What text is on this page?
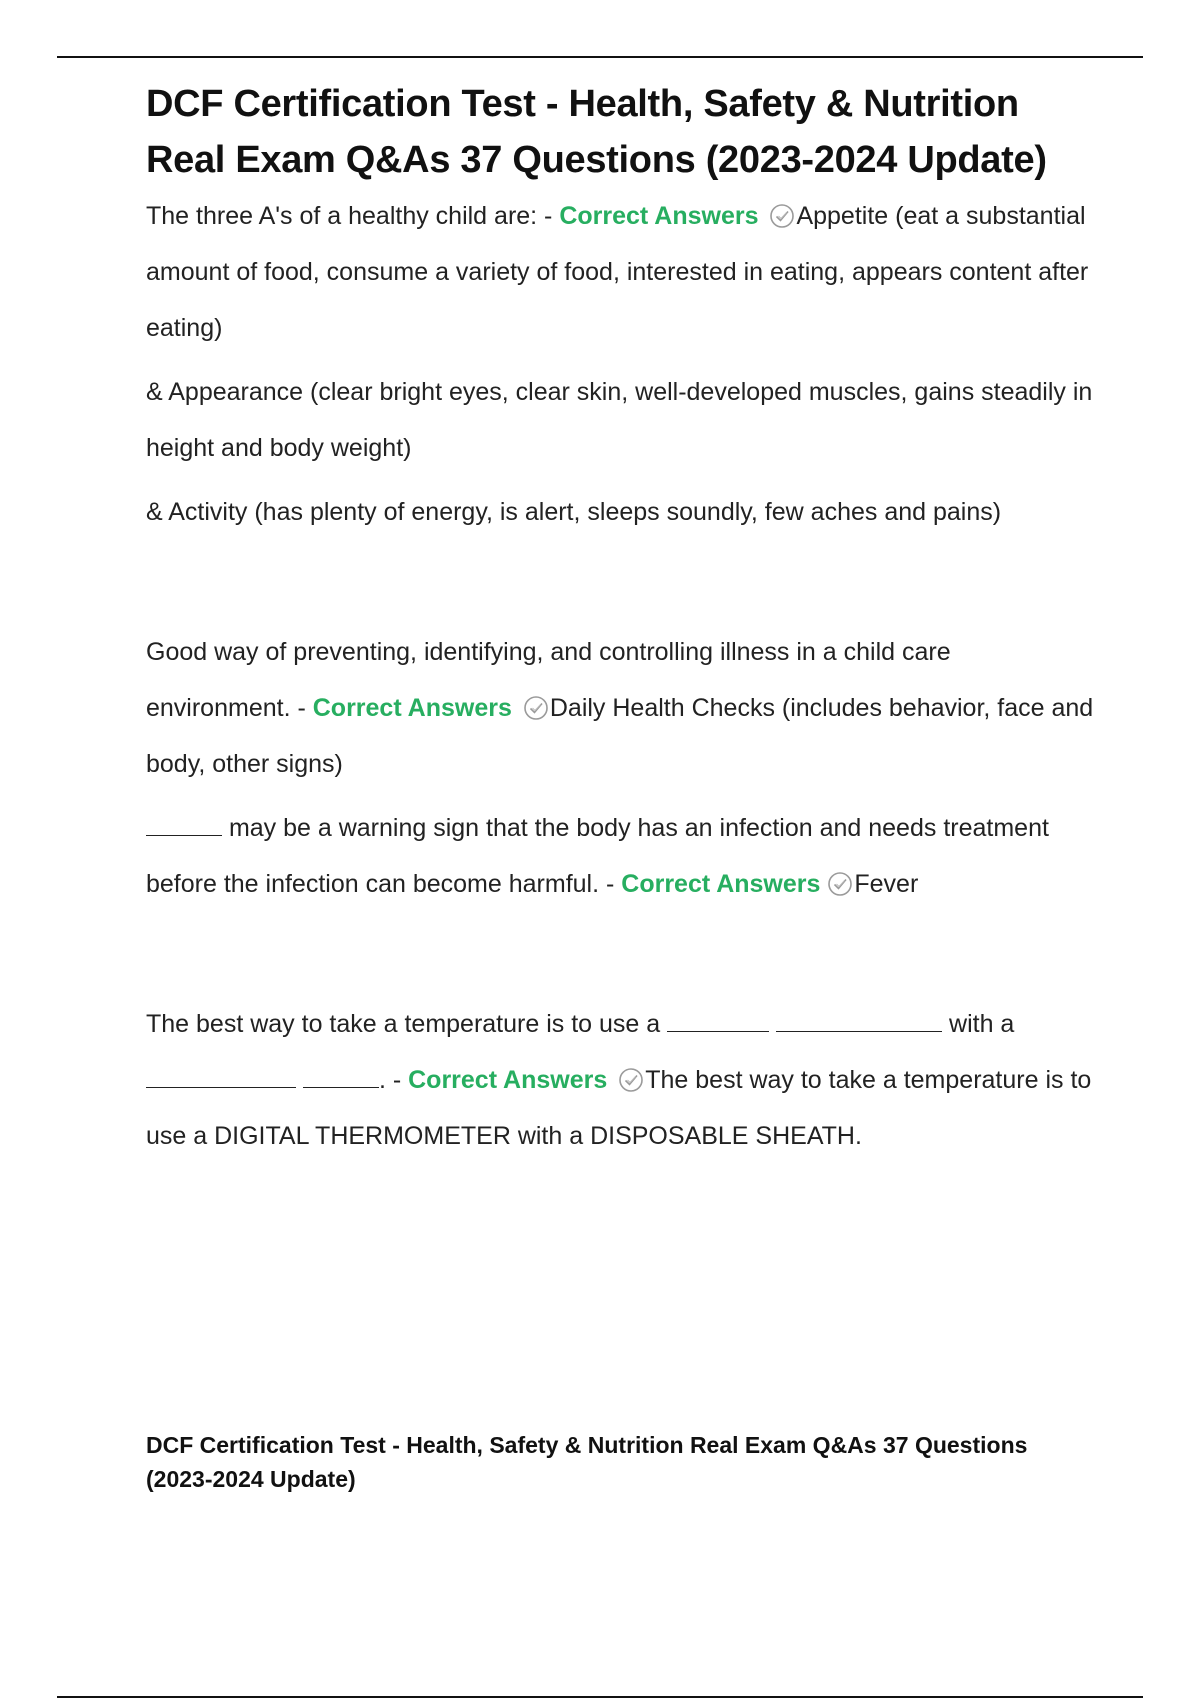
DCF Certification Test - Health, Safety & Nutrition Real Exam Q&As 37 Questions (2023-2024 Update)

The three A's of a healthy child are: - Correct Answers Appetite (eat a substantial amount of food, consume a variety of food, interested in eating, appears content after eating)

& Appearance (clear bright eyes, clear skin, well-developed muscles, gains steadily in height and body weight)

& Activity (has plenty of energy, is alert, sleeps soundly, few aches and pains)

Good way of preventing, identifying, and controlling illness in a child care environment. - Correct Answers Daily Health Checks (includes behavior, face and body, other signs)

may be a warning sign that the body has an infection and needs treatment before the infection can become harmful. - Correct Answers Fever

The best way to take a temperature is to use a	with a  . - Correct Answers The best way to take a temperature is to use a DIGITAL THERMOMETER with a DISPOSABLE SHEATH.

DCF Certification Test - Health, Safety & Nutrition Real Exam Q&As 37 Questions (2023-2024 Update)
